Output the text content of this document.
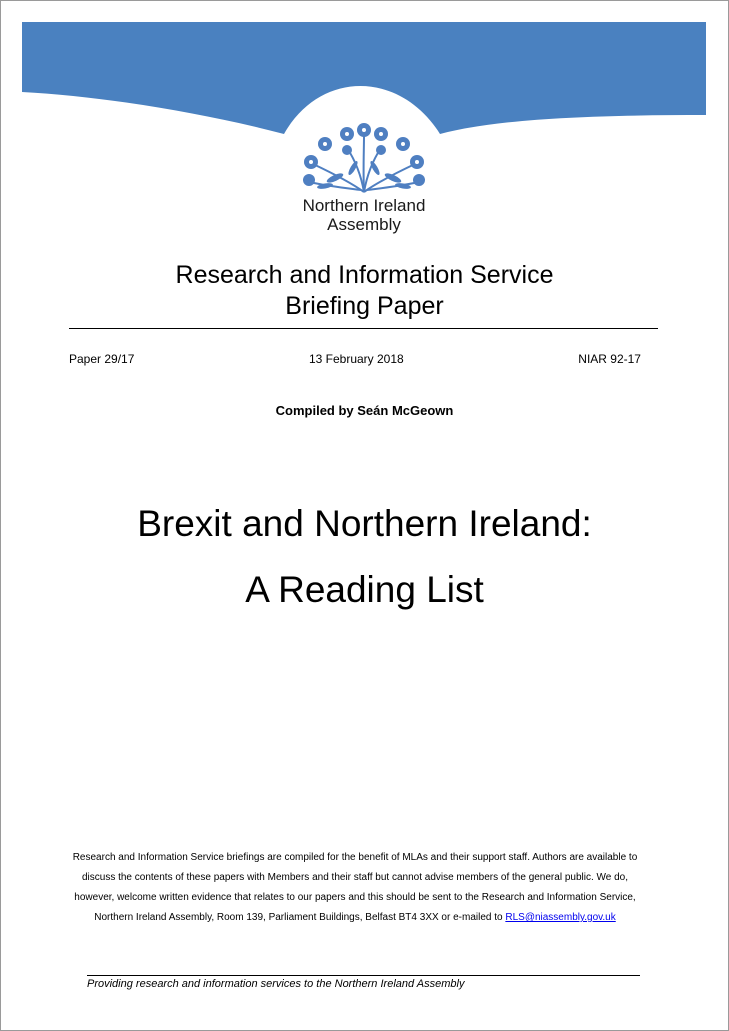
Northern Ireland
Assembly
Research and Information Service
Briefing Paper
Paper 29/17	13 February 2018	NIAR 92-17
Compiled by Seán McGeown
Brexit and Northern Ireland:
A Reading List
Research and Information Service briefings are compiled for the benefit of MLAs and their support staff. Authors are available to discuss the contents of these papers with Members and their staff but cannot advise members of the general public. We do, however, welcome written evidence that relates to our papers and this should be sent to the Research and Information Service, Northern Ireland Assembly, Room 139, Parliament Buildings, Belfast BT4 3XX or e-mailed to RLS@niassembly.gov.uk
Providing research and information services to the Northern Ireland Assembly
